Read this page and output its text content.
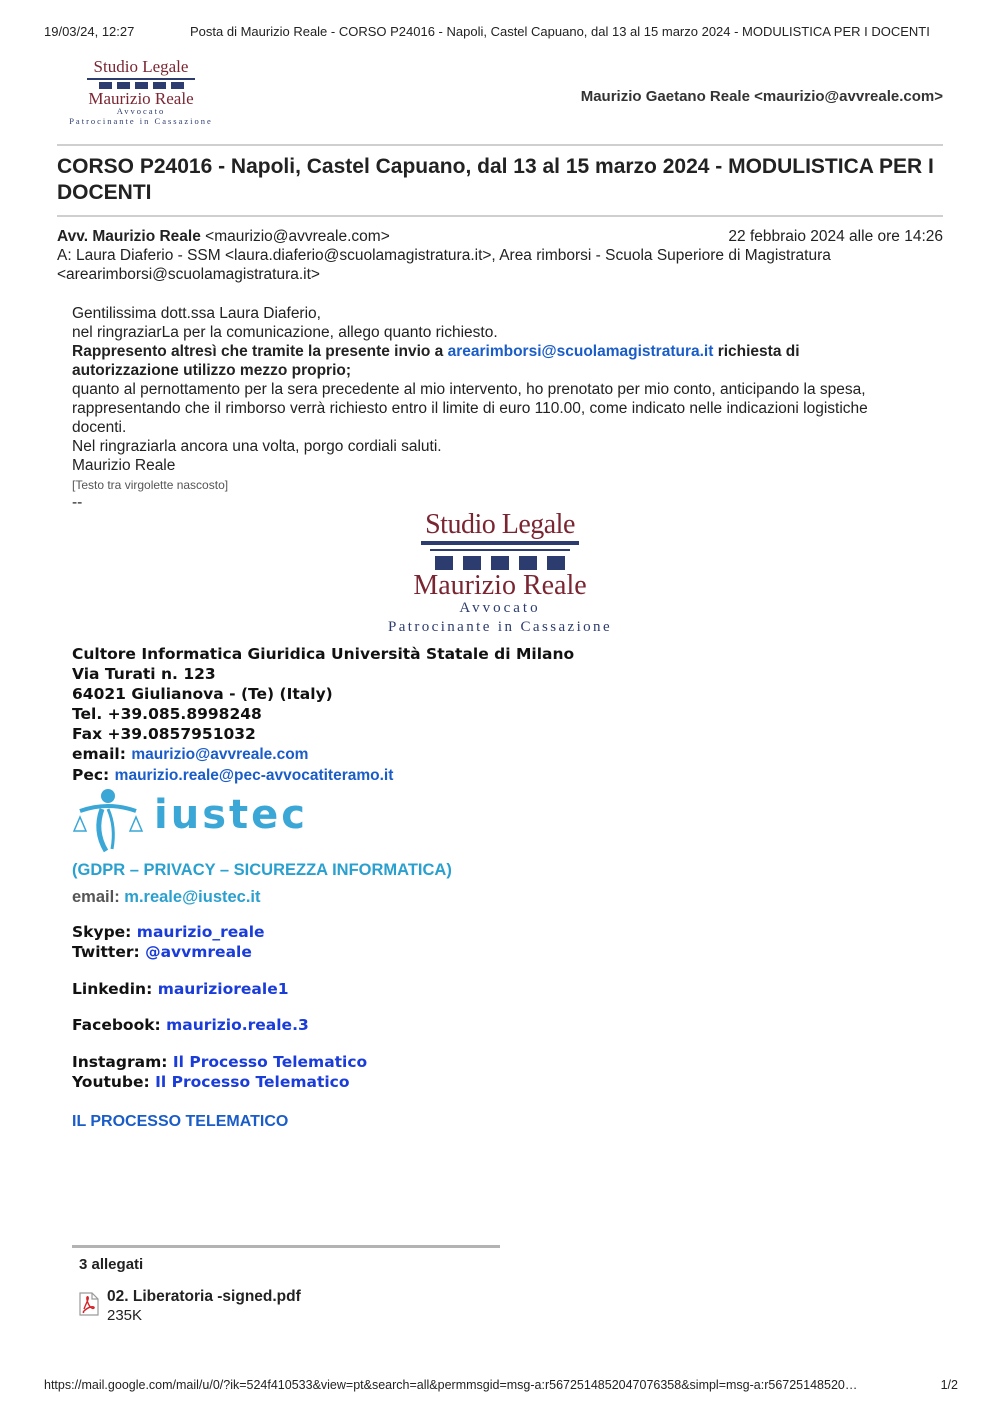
19/03/24, 12:27	Posta di Maurizio Reale - CORSO P24016 - Napoli, Castel Capuano, dal 13 al 15 marzo 2024 - MODULISTICA PER I DOCENTI
Studio Legale
Maurizio Reale
Avvocato
Patrocinante in Cassazione
Maurizio Gaetano Reale <maurizio@avvreale.com>
CORSO P24016 - Napoli, Castel Capuano, dal 13 al 15 marzo 2024 - MODULISTICA PER I DOCENTI
Avv. Maurizio Reale <maurizio@avvreale.com>	22 febbraio 2024 alle ore 14:26
A: Laura Diaferio - SSM <laura.diaferio@scuolamagistratura.it>, Area rimborsi - Scuola Superiore di Magistratura
<arearimborsi@scuolamagistratura.it>
Gentilissima dott.ssa Laura Diaferio,
nel ringraziarLa per la comunicazione, allego quanto richiesto.
Rappresento altresì che tramite la presente invio a arearimborsi@scuolamagistratura.it richiesta di
autorizzazione utilizzo mezzo proprio;
quanto al pernottamento per la sera precedente al mio intervento, ho prenotato per mio conto, anticipando la spesa,
rappresentando che il rimborso verrà richiesto entro il limite di euro 110.00, come indicato nelle indicazioni logistiche
docenti.
Nel ringraziarla ancora una volta, porgo cordiali saluti.
Maurizio Reale
[Testo tra virgolette nascosto]
--
Studio Legale
Maurizio Reale
Avvocato
Patrocinante in Cassazione
Cultore Informatica Giuridica Università Statale di Milano
Via Turati n. 123
64021 Giulianova - (Te) (Italy)
Tel. +39.085.8998248
Fax +39.0857951032
email: maurizio@avvreale.com
Pec: maurizio.reale@pec-avvocatiteramo.it
iustec
(GDPR – PRIVACY – SICUREZZA INFORMATICA)
email: m.reale@iustec.it
Skype: maurizio_reale
Twitter: @avvmreale
Linkedin: maurizioreale1
Facebook: maurizio.reale.3
Instagram: Il Processo Telematico
Youtube: Il Processo Telematico
IL PROCESSO TELEMATICO
3 allegati
02. Liberatoria -signed.pdf
235K
https://mail.google.com/mail/u/0/?ik=524f410533&view=pt&search=all&permmsgid=msg-a:r5672514852047076358&simpl=msg-a:r56725148520…	1/2
